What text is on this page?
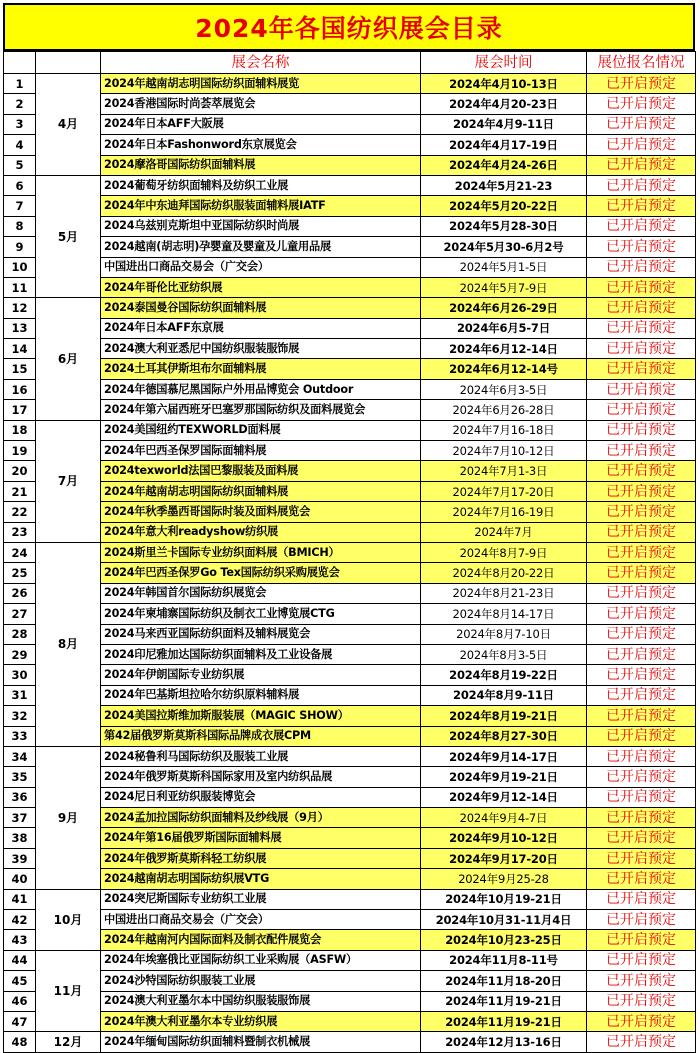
2024年各国纺织展会目录
		展会名称	展会时间	展位报名情况
1	4月	2024年越南胡志明国际纺织面辅料展览	2024年4月10-13日	已开启预定
2		2024香港国际时尚荟萃展览会	2024年4月20-23日	已开启预定
3		2024年日本AFF大阪展	2024年4月9-11日	已开启预定
4		2024年日本Fashonword东京展览会	2024年4月17-19日	已开启预定
5		2024摩洛哥国际纺织面辅料展	2024年4月24-26日	已开启预定
6	5月	2024葡萄牙纺织面辅料及纺织工业展	2024年5月21-23	已开启预定
7		2024年中东迪拜国际纺织服装面辅料展IATF	2024年5月20-22日	已开启预定
8		2024乌兹别克斯坦中亚国际纺织时尚展	2024年5月28-30日	已开启预定
9		2024越南(胡志明)孕婴童及婴童及儿童用品展	2024年5月30-6月2号	已开启预定
10		中国进出口商品交易会（广交会）	2024年5月1-5日	已开启预定
11		2024年哥伦比亚纺织展	2024年5月7-9日	已开启预定
12	6月	2024泰国曼谷国际纺织面辅料展	2024年6月26-29日	已开启预定
13		2024年日本AFF东京展	2024年6月5-7日	已开启预定
14		2024澳大利亚悉尼中国纺织服装服饰展	2024年6月12-14日	已开启预定
15		2024土耳其伊斯坦布尔面辅料展	2024年6月12-14号	已开启预定
16		2024年德国慕尼黑国际户外用品博览会 Outdoor	2024年6月3-5日	已开启预定
17		2024年第六届西班牙巴塞罗那国际纺织及面料展览会	2024年6月26-28日	已开启预定
18	7月	2024美国纽约TEXWORLD面料展	2024年7月16-18日	已开启预定
19		2024年巴西圣保罗国际面辅料展	2024年7月10-12日	已开启预定
20		2024texworld法国巴黎服装及面料展	2024年7月1-3日	已开启预定
21		2024年越南胡志明国际纺织面辅料展	2024年7月17-20日	已开启预定
22		2024年秋季墨西哥国际时装及面料展览会	2024年7月16-19日	已开启预定
23		2024年意大利readyshow纺织展	2024年7月	已开启预定
24	8月	2024斯里兰卡国际专业纺织面料展（BMICH）	2024年8月7-9日	已开启预定
25		2024年巴西圣保罗Go Tex国际纺织采购展览会	2024年8月20-22日	已开启预定
26		2024年韩国首尔国际纺织展览会	2024年8月21-23日	已开启预定
27		2024年柬埔寨国际纺织及制衣工业博览展CTG	2024年8月14-17日	已开启预定
28		2024马来西亚国际纺织面料及辅料展览会	2024年8月7-10日	已开启预定
29		2024印尼雅加达国际纺织面辅料及工业设备展	2024年8月3-5日	已开启预定
30		2024年伊朗国际专业纺织展	2024年8月19-22日	已开启预定
31		2024年巴基斯坦拉哈尔纺织原料辅料展	2024年8月9-11日	已开启预定
32		2024美国拉斯维加斯服装展（MAGIC SHOW）	2024年8月19-21日	已开启预定
33		第42届俄罗斯莫斯科国际品牌成衣展CPM	2024年8月27-30日	已开启预定
34	9月	2024秘鲁利马国际纺织及服装工业展	2024年9月14-17日	已开启预定
35		2024年俄罗斯莫斯科国际家用及室内纺织品展	2024年9月19-21日	已开启预定
36		2024尼日利亚纺织服装博览会	2024年9月12-14日	已开启预定
37		2024孟加拉国际纺织面辅料及纱线展（9月）	2024年9月4-7日	已开启预定
38		2024年第16届俄罗斯国际面辅料展	2024年9月10-12日	已开启预定
39		2024年俄罗斯莫斯科轻工纺织展	2024年9月17-20日	已开启预定
40		2024越南胡志明国际纺织展VTG	2024年9月25-28	已开启预定
41	10月	2024突尼斯国际专业纺织工业展	2024年10月19-21日	已开启预定
42		中国进出口商品交易会（广交会）	2024年10月31-11月4日	已开启预定
43		2024年越南河内国际面料及制衣配件展览会	2024年10月23-25日	已开启预定
44	11月	2024年埃塞俄比亚国际纺织工业采购展（ASFW）	2024年11月8-11号	已开启预定
45		2024沙特国际纺织服装工业展	2024年11月18-20日	已开启预定
46		2024澳大利亚墨尔本中国纺织服装服饰展	2024年11月19-21日	已开启预定
47		2024年澳大利亚墨尔本专业纺织展	2024年11月19-21日	已开启预定
48	12月	2024年缅甸国际纺织面辅料暨制衣机械展	2024年12月13-16日	已开启预定
